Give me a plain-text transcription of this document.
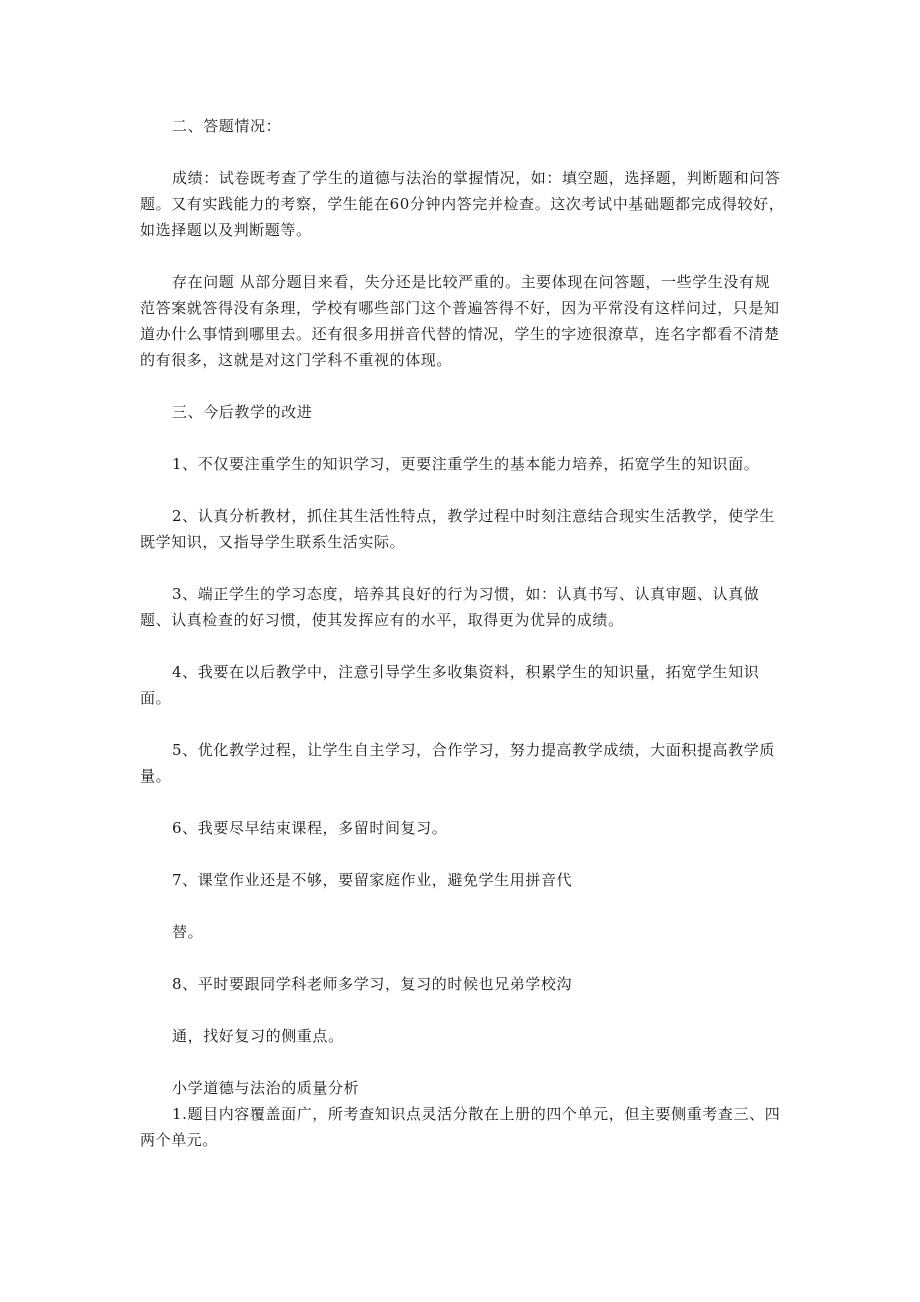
二、答题情况：

成绩：试卷既考查了学生的道德与法治的掌握情况，如：填空题，选择题，判断题和问答题。又有实践能力的考察，学生能在60分钟内答完并检查。这次考试中基础题都完成得较好，如选择题以及判断题等。

存在问题 从部分题目来看，失分还是比较严重的。主要体现在问答题，一些学生没有规范答案就答得没有条理，学校有哪些部门这个普遍答得不好，因为平常没有这样问过，只是知道办什么事情到哪里去。还有很多用拼音代替的情况，学生的字迹很潦草，连名字都看不清楚的有很多，这就是对这门学科不重视的体现。

三、今后教学的改进

1、不仅要注重学生的知识学习，更要注重学生的基本能力培养，拓宽学生的知识面。

2、认真分析教材，抓住其生活性特点，教学过程中时刻注意结合现实生活教学，使学生既学知识，又指导学生联系生活实际。

3、端正学生的学习态度，培养其良好的行为习惯，如：认真书写、认真审题、认真做题、认真检查的好习惯，使其发挥应有的水平，取得更为优异的成绩。

4、我要在以后教学中，注意引导学生多收集资料，积累学生的知识量，拓宽学生知识面。

5、优化教学过程，让学生自主学习，合作学习，努力提高教学成绩，大面积提高教学质量。

6、我要尽早结束课程，多留时间复习。

7、课堂作业还是不够，要留家庭作业，避免学生用拼音代

替。

8、平时要跟同学科老师多学习，复习的时候也兄弟学校沟

通，找好复习的侧重点。

小学道德与法治的质量分析

1.题目内容覆盖面广，所考查知识点灵活分散在上册的四个单元，但主要侧重考查三、四两个单元。
